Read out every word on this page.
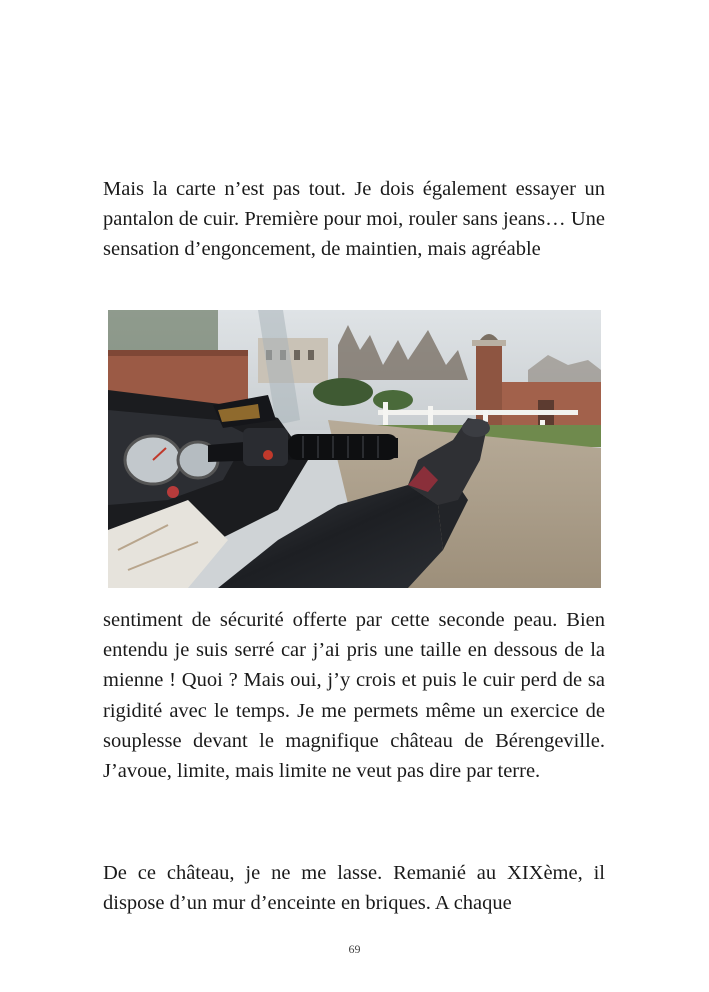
Mais la carte n’est pas tout. Je dois également essayer un pantalon de cuir. Première pour moi, rouler sans jeans… Une sensation d’engoncement, de maintien, mais agréable

sentiment de sécurité offerte par cette seconde peau. Bien entendu je suis serré car j’ai pris une taille en dessous de la mienne ! Quoi ? Mais oui, j’y crois et puis le cuir perd de sa rigidité avec le temps. Je me permets même un exercice de souplesse devant le magnifique château de Bérengeville. J’avoue, limite, mais limite ne veut pas dire par terre.

De ce château, je ne me lasse. Remanié au XIXème, il dispose d’un mur d’enceinte en briques. A chaque

69
